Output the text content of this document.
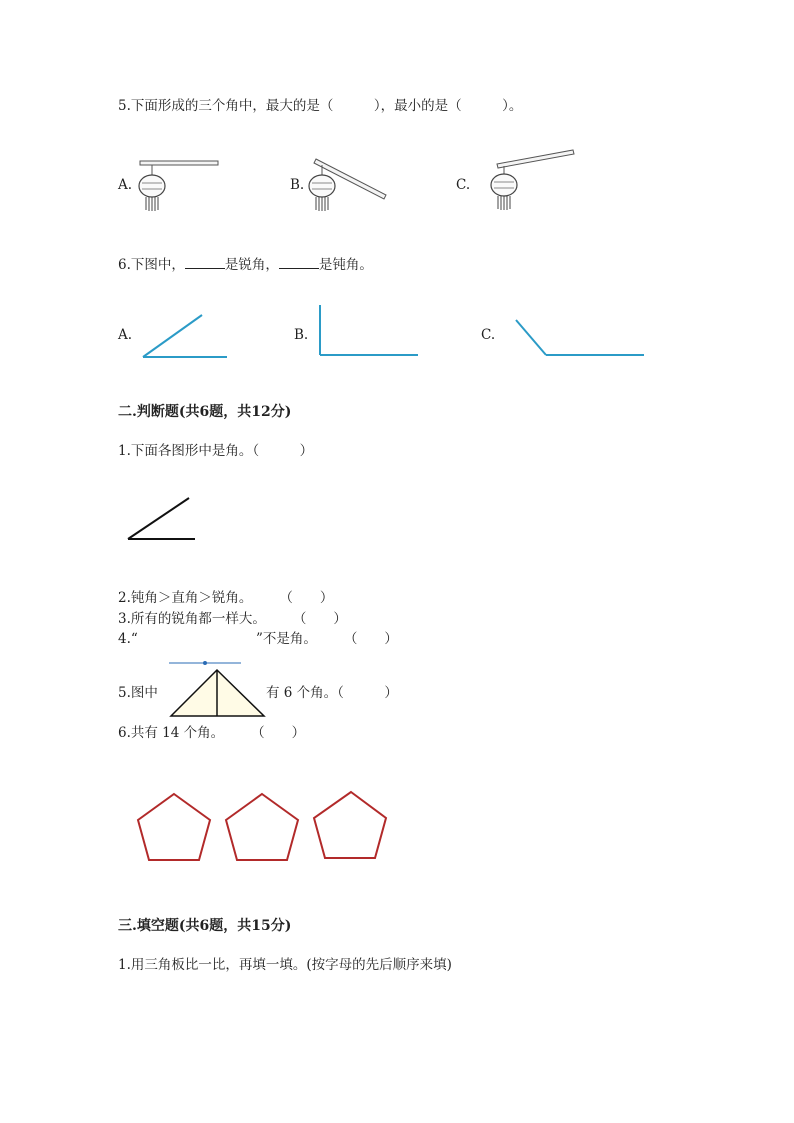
5.下面形成的三个角中，最大的是（　　　），最小的是（　　　）。
A.	B.	C.
6.下图中，	是锐角，	是钝角。
A.	B.	C.
二.判断题(共6题，共12分)
1.下面各图形中是角。（　　　）
2.钝角＞直角＞锐角。　　　（　　）
3.所有的锐角都一样大。　　　（　　）
4.“	”不是角。　　　（　　）
5.图中	有 6 个角。（　　　）
6.共有 14 个角。　　　（　　）
三.填空题(共6题，共15分)
1.用三角板比一比，再填一填。(按字母的先后顺序来填)
